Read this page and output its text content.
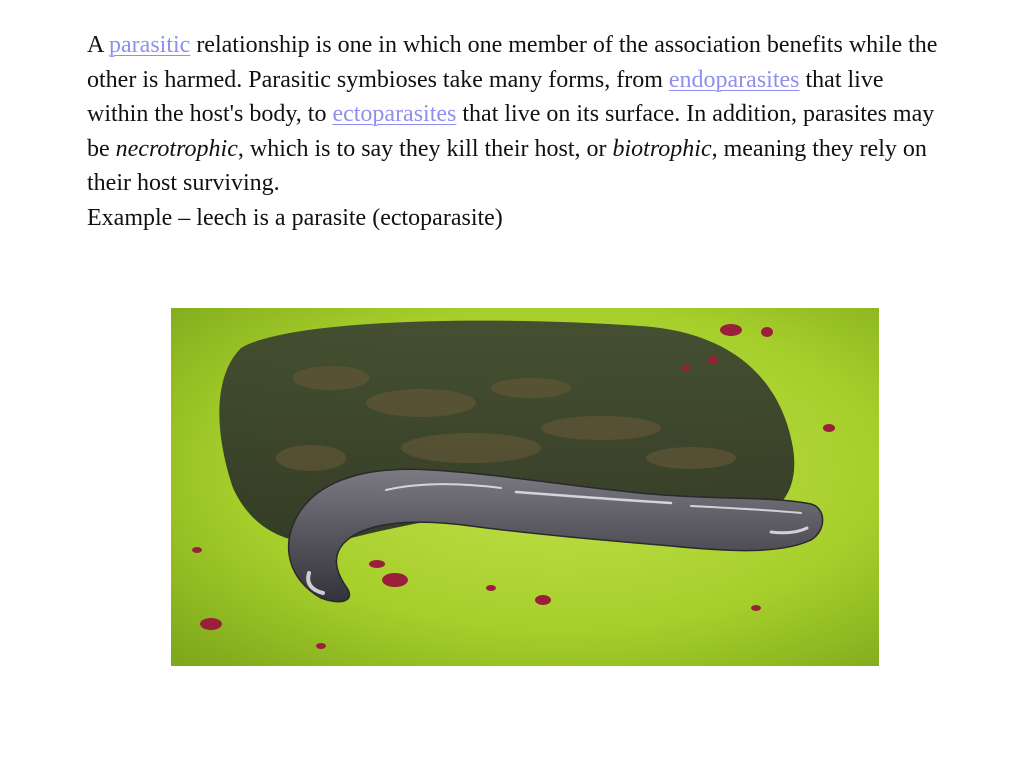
A parasitic relationship is one in which one member of the association benefits while the other is harmed. Parasitic symbioses take many forms, from endoparasites that live within the host's body, to ectoparasites that live on its surface. In addition, parasites may be necrotrophic, which is to say they kill their host, or biotrophic, meaning they rely on their host surviving.

Example – leech is a parasite (ectoparasite)
